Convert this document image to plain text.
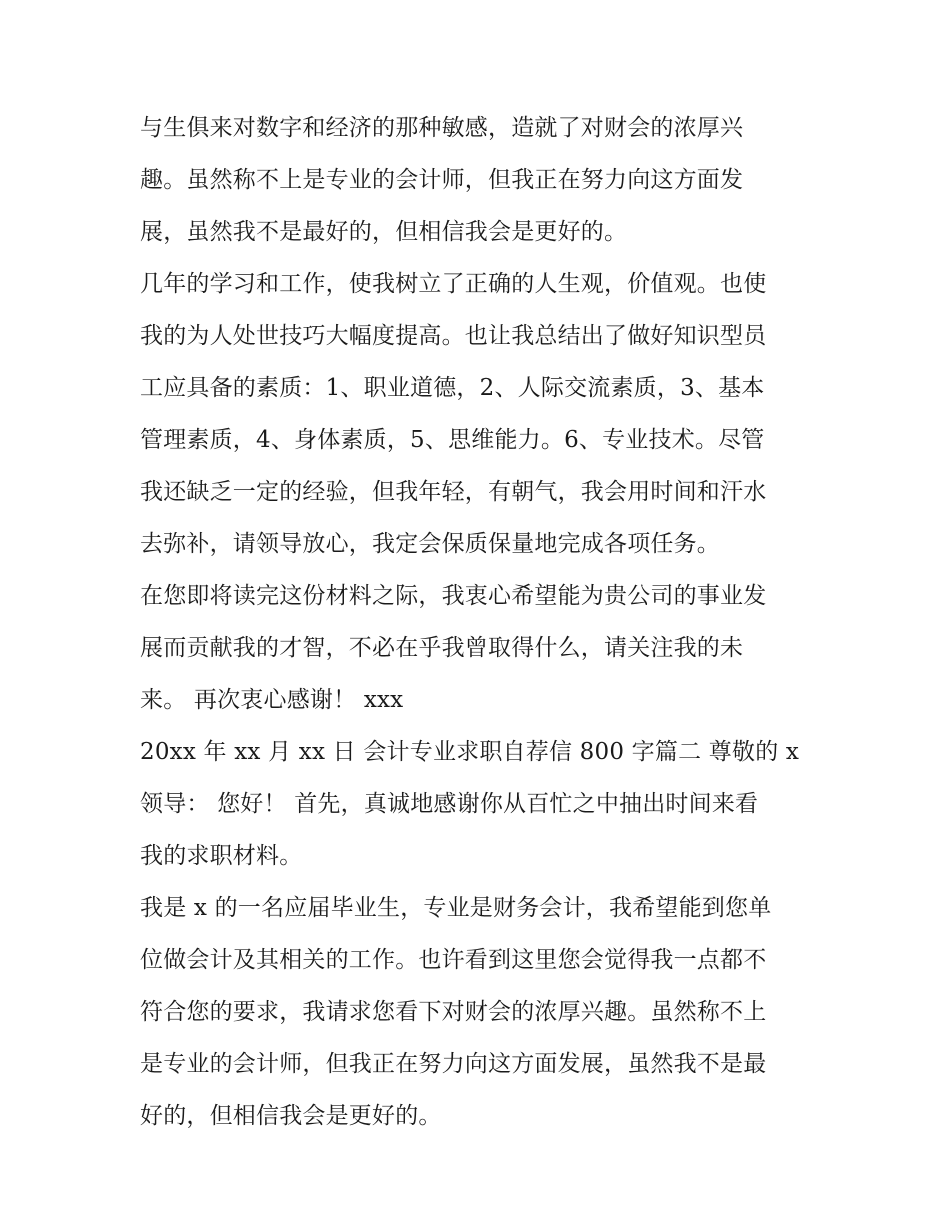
与生俱来对数字和经济的那种敏感，造就了对财会的浓厚兴
趣。虽然称不上是专业的会计师，但我正在努力向这方面发
展，虽然我不是最好的，但相信我会是更好的。
几年的学习和工作，使我树立了正确的人生观，价值观。也使
我的为人处世技巧大幅度提高。也让我总结出了做好知识型员
工应具备的素质：1、职业道德，2、人际交流素质，3、基本
管理素质，4、身体素质，5、思维能力。6、专业技术。尽管
我还缺乏一定的经验，但我年轻，有朝气，我会用时间和汗水
去弥补，请领导放心，我定会保质保量地完成各项任务。
在您即将读完这份材料之际，我衷心希望能为贵公司的事业发
展而贡献我的才智，不必在乎我曾取得什么，请关注我的未
来。 再次衷心感谢！ xxx
20xx 年 xx 月 xx 日 会计专业求职自荐信 800 字篇二 尊敬的 x
领导： 您好！ 首先，真诚地感谢你从百忙之中抽出时间来看
我的求职材料。
我是 x 的一名应届毕业生，专业是财务会计，我希望能到您单
位做会计及其相关的工作。也许看到这里您会觉得我一点都不
符合您的要求，我请求您看下对财会的浓厚兴趣。虽然称不上
是专业的会计师，但我正在努力向这方面发展，虽然我不是最
好的，但相信我会是更好的。
